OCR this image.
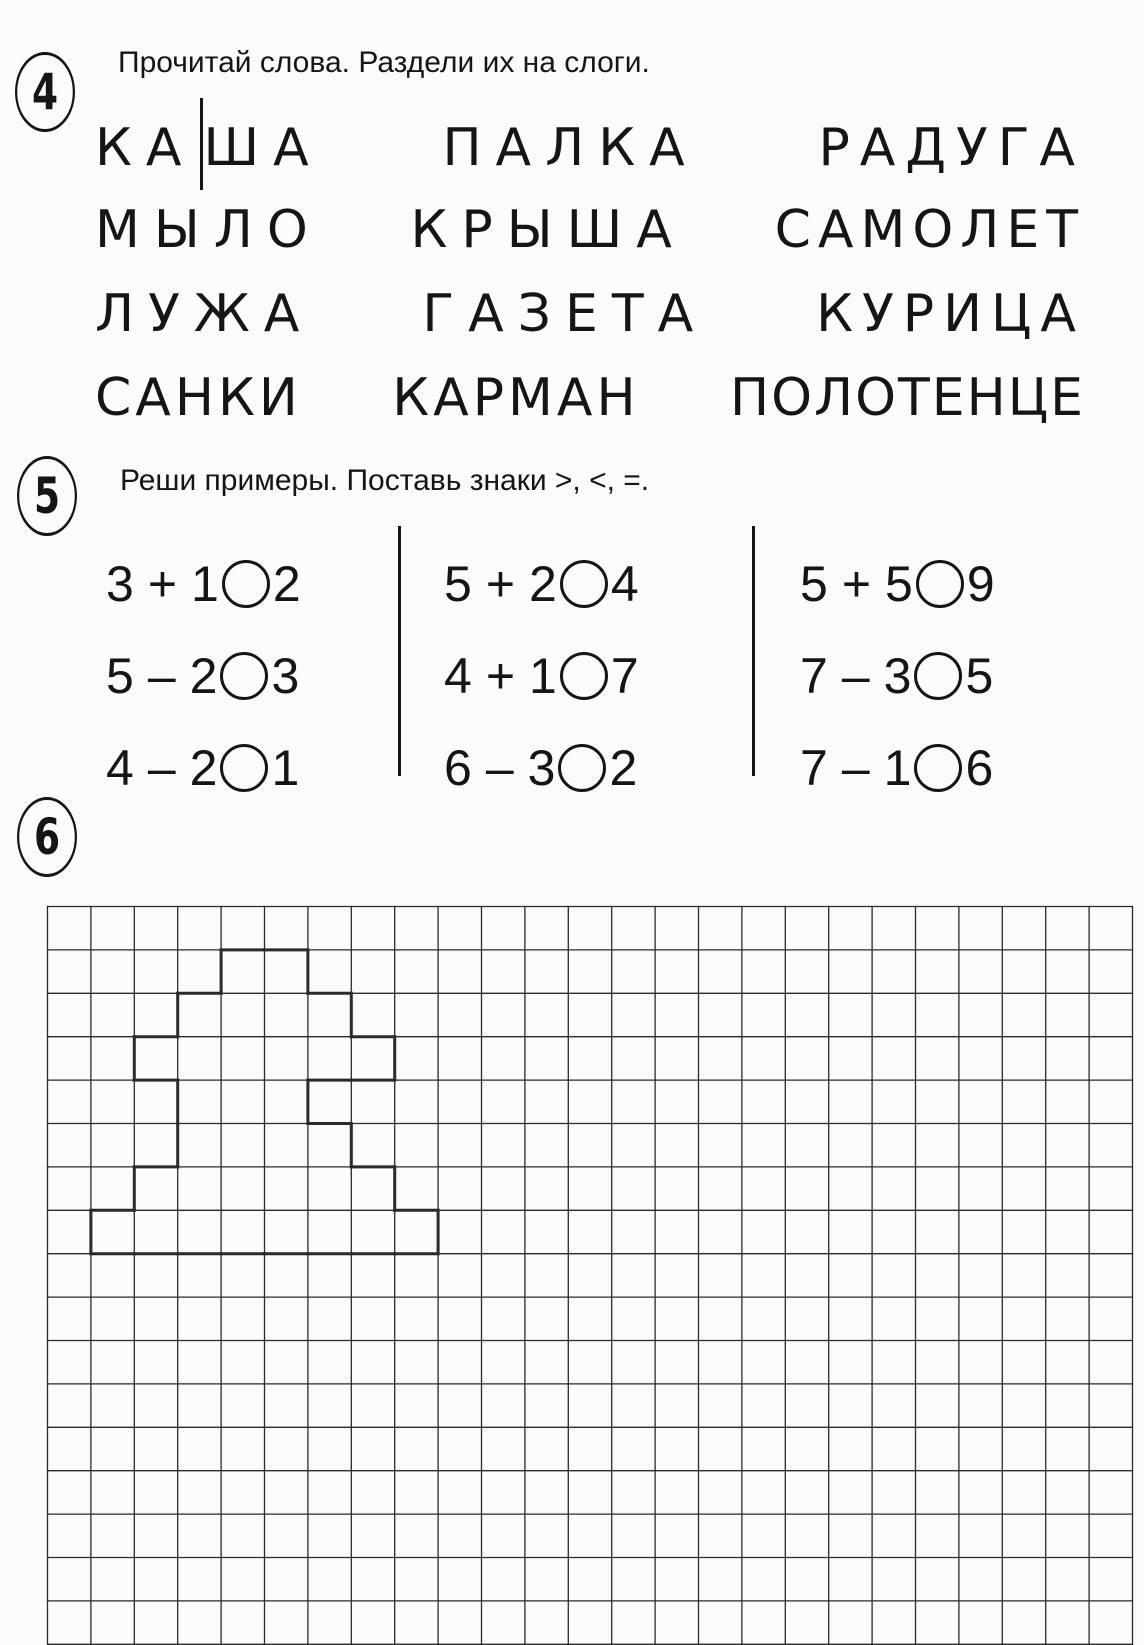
4
Прочитай слова. Раздели их на слоги.
КА ША ПАЛКА РАДУГА
МЫЛО КРЫША САМОЛЕТ
ЛУЖА ГАЗЕТА КУРИЦА
САНКИ КАРМАН ПОЛОТЕНЦЕ
5	Реши примеры. Поставь знаки >, <, =.
3 + 1 2
5 – 2 3
4 – 2 1
5 + 2 4
4 + 1 7
6 – 3 2
5 + 5 9
7 – 3 5
7 – 1 6
6
